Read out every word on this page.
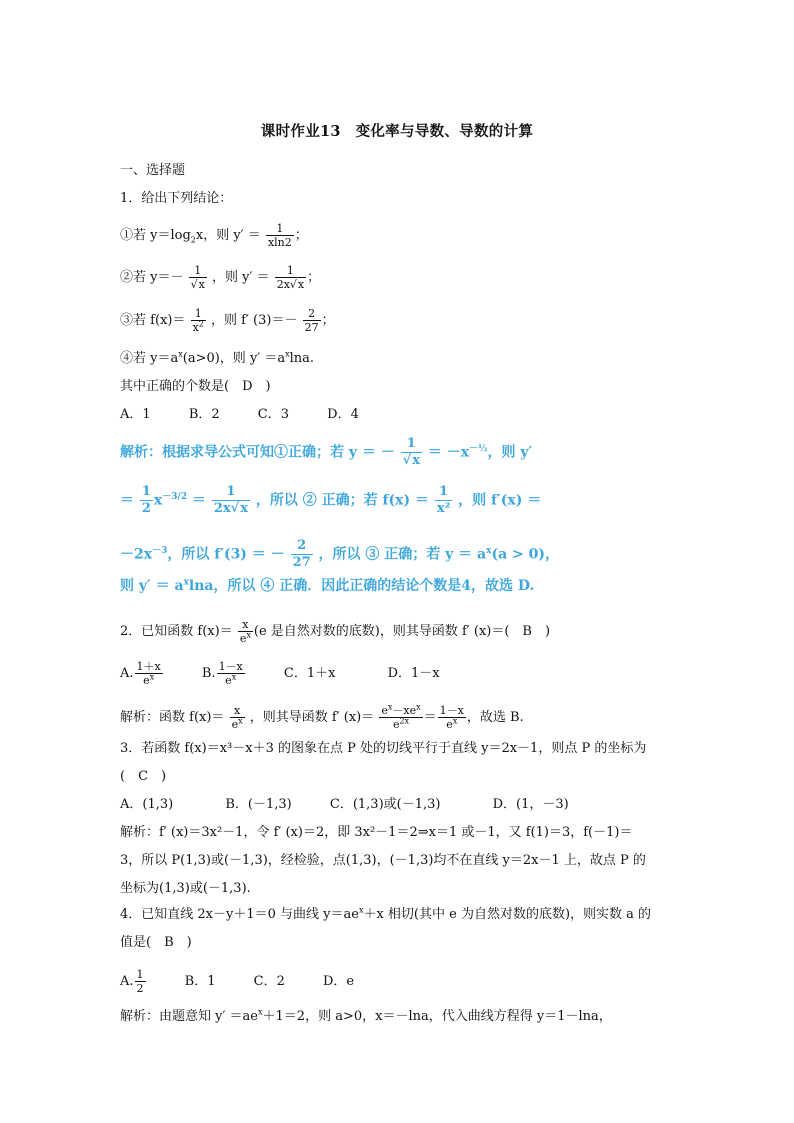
课时作业13　变化率与导数、导数的计算
一、选择题
1．给出下列结论：
①若 $y=\log_2x$，则 $y' = \frac{1}{xln2}$ ；
②若 $y=- \frac{1}{√x}$ ，则 $y' = \frac{1}{2x√x}$ ；
③若 $f(x)= \frac{1}{x^2}$ ，则 f′ $(3)=- \frac{2}{27}$ ；
④若 $y=a^x(a>0)$，则 $y' =a^x\ln a$.
其中正确的个数是(　D　)
A．1	B．2	C．3	D．4
解析：根据求导公式可知①正确；若 y ＝ － $\frac{1}{√x} = -x^{-\frac{1}{2}}$，则 y′
＝ $\frac{1}{2} x^{-3/2} = \frac{1}{2x√x}$ ，所以 ② 正确；若 $f(x) = \frac{1}{\text{x²}}$ ，则 f′(x) ＝
$-2x^{-3}$，所以 f′(3) ＝ － $\frac{2}{27}$ ，所以 ③ 正确；若 $y = a^x(a > 0)$，
则 $y' = a^x\ln a$，所以 ④ 正确．因此正确的结论个数是4，故选 D.
2．已知函数 $f(x)= \frac{x}{e^x} (e$ 是自然对数的底数)，则其导函数 f′ (x)＝(　B　)
A. $\frac{1+x}{e^x}$	B. $\frac{1-x}{e^x}$	C．1＋x	D．1－x
解析：函数 $f(x)= \frac{x}{e^x}$ ，则其导函数 f′ $(x)= \frac{e^x-xe^x}{e^{2x}} = \frac{1-x}{e^x}$ ，故选 B.
3．若函数 f(x)＝x³－x＋3 的图象在点 P 处的切线平行于直线 y＝2x－1，则点 P 的坐标为
(　C　)
A．(1,3)	B．(－1,3)	C．(1,3)或(－1,3)	D．(1，－3)
解析：f′ (x)＝3x²－1，令 f′ (x)＝2，即 3x²－1＝2⇒x＝1 或－1，又 f(1)＝3，f(－1)＝
3，所以 P(1,3)或(－1,3)，经检验，点(1,3)，(－1,3)均不在直线 y＝2x－1 上，故点 P 的
坐标为(1,3)或(－1,3).
4．已知直线 2x－y＋1＝0 与曲线 $y=ae^x+x$ 相切(其中 e 为自然对数的底数)，则实数 a 的
值是(　B　)
A. $\frac{1}{2}$	B．1	C．2	D．e
解析：由题意知 $y' =ae^x+1=2$，则 a>0，x＝－lna，代入曲线方程得 y＝1－lna，
